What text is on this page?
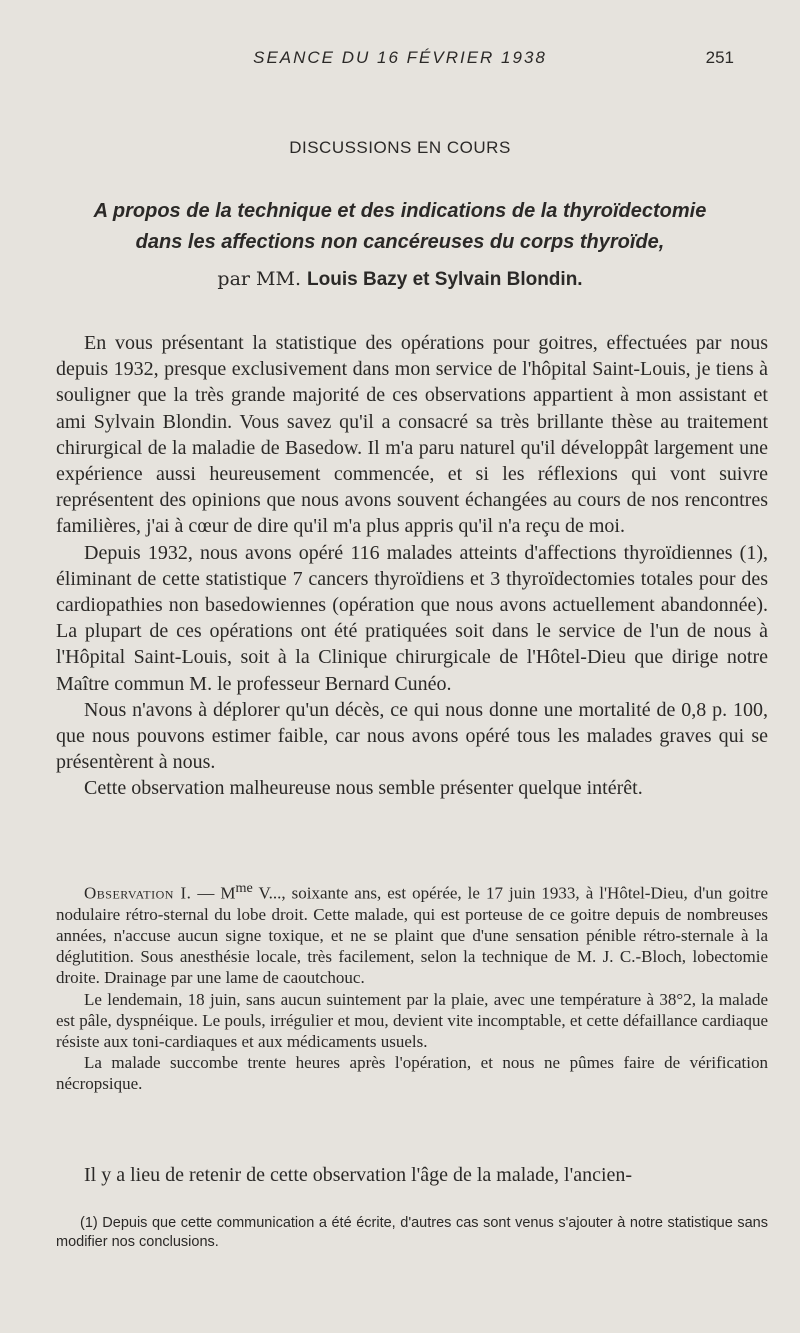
SEANCE DU 16 FÉVRIER 1938	251
DISCUSSIONS EN COURS
A propos de la technique et des indications de la thyroïdectomie
dans les affections non cancéreuses du corps thyroïde,
par MM. Louis Bazy et Sylvain Blondin.

En vous présentant la statistique des opérations pour goitres, effectuées par nous depuis 1932, presque exclusivement dans mon service de l'hôpital Saint-Louis, je tiens à souligner que la très grande majorité de ces observations appartient à mon assistant et ami Sylvain Blondin. Vous savez qu'il a consacré sa très brillante thèse au traitement chirurgical de la maladie de Basedow. Il m'a paru naturel qu'il développât largement une expérience aussi heureusement commencée, et si les réflexions qui vont suivre représentent des opinions que nous avons souvent échangées au cours de nos rencontres familières, j'ai à cœur de dire qu'il m'a plus appris qu'il n'a reçu de moi.

Depuis 1932, nous avons opéré 116 malades atteints d'affections thyroïdiennes (1), éliminant de cette statistique 7 cancers thyroïdiens et 3 thyroïdectomies totales pour des cardiopathies non basedowiennes (opération que nous avons actuellement abandonnée). La plupart de ces opérations ont été pratiquées soit dans le service de l'un de nous à l'Hôpital Saint-Louis, soit à la Clinique chirurgicale de l'Hôtel-Dieu que dirige notre Maître commun M. le professeur Bernard Cunéo.

Nous n'avons à déplorer qu'un décès, ce qui nous donne une mortalité de 0,8 p. 100, que nous pouvons estimer faible, car nous avons opéré tous les malades graves qui se présentèrent à nous.

Cette observation malheureuse nous semble présenter quelque intérêt.

Observation I. — $M^{me}$ V..., soixante ans, est opérée, le 17 juin 1933, à l'Hôtel-Dieu, d'un goitre nodulaire rétro-sternal du lobe droit. Cette malade, qui est porteuse de ce goitre depuis de nombreuses années, n'accuse aucun signe toxique, et ne se plaint que d'une sensation pénible rétro-sternale à la déglutition. Sous anesthésie locale, très facilement, selon la technique de M. J. C.-Bloch, lobectomie droite. Drainage par une lame de caoutchouc.

Le lendemain, 18 juin, sans aucun suintement par la plaie, avec une température à 38°2, la malade est pâle, dyspnéique. Le pouls, irrégulier et mou, devient vite incomptable, et cette défaillance cardiaque résiste aux toni-cardiaques et aux médicaments usuels.

La malade succombe trente heures après l'opération, et nous ne pûmes faire de vérification nécropsique.

Il y a lieu de retenir de cette observation l'âge de la malade, l'ancien-
(1) Depuis que cette communication a été écrite, d'autres cas sont venus s'ajouter à notre statistique sans modifier nos conclusions.
